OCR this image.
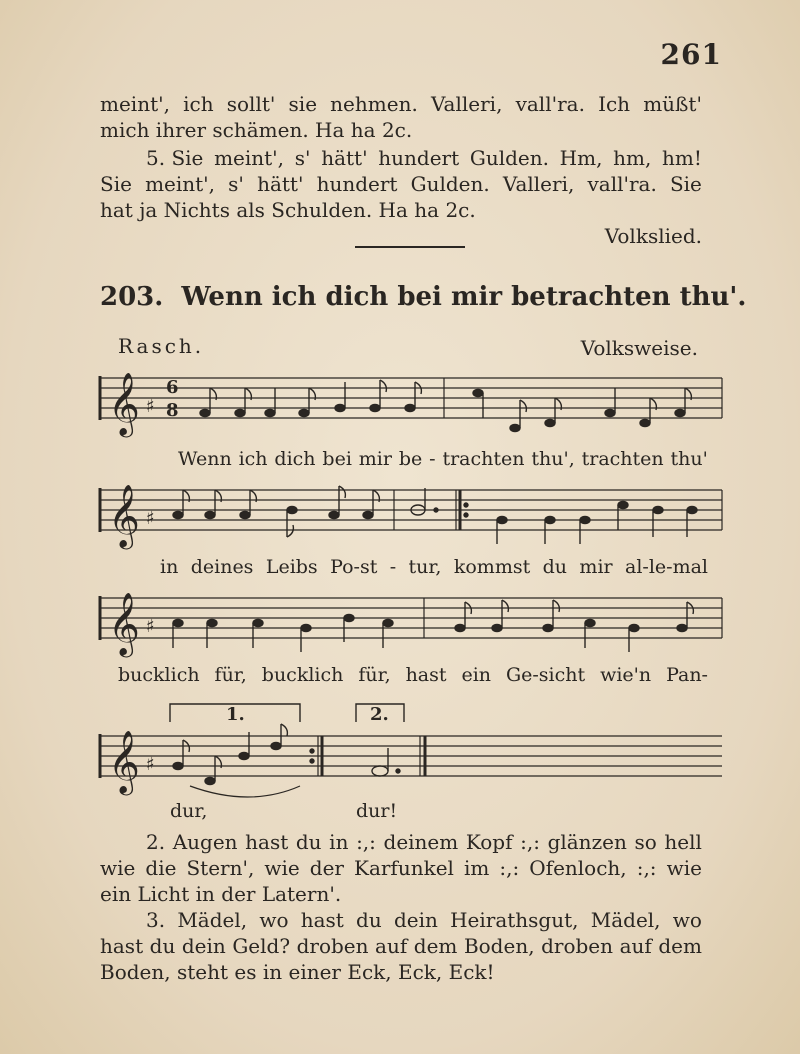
261
meint', ich sollt' sie nehmen. Valleri, vall'ra. Ich müßt'
mich ihrer schämen. Ha ha 2c.
5. Sie meint', s' hätt' hundert Gulden. Hm, hm, hm!
Sie meint', s' hätt' hundert Gulden. Valleri, vall'ra. Sie
hat ja Nichts als Schulden. Ha ha 2c.
Volkslied.
203. Wenn ich dich bei mir betrachten thu'.
Rasch.	Volksweise.
𝄞 ♯
6
8
Wenn ich dich bei mir be - trachten thu', trachten thu'
𝄞 ♯
in deines Leibs Po-st - tur, kommst du mir al-le-mal
𝄞 ♯
bucklich für, bucklich für, hast ein Ge-sicht wie'n Pan-
1.	2.
𝄞 ♯
dur,	dur!
2. Augen hast du in :,: deinem Kopf :,: glänzen so hell
wie die Stern', wie der Karfunkel im :,: Ofenloch, :,: wie
ein Licht in der Latern'.
3. Mädel, wo hast du dein Heirathsgut, Mädel, wo
hast du dein Geld? droben auf dem Boden, droben auf dem
Boden, steht es in einer Eck, Eck, Eck!
